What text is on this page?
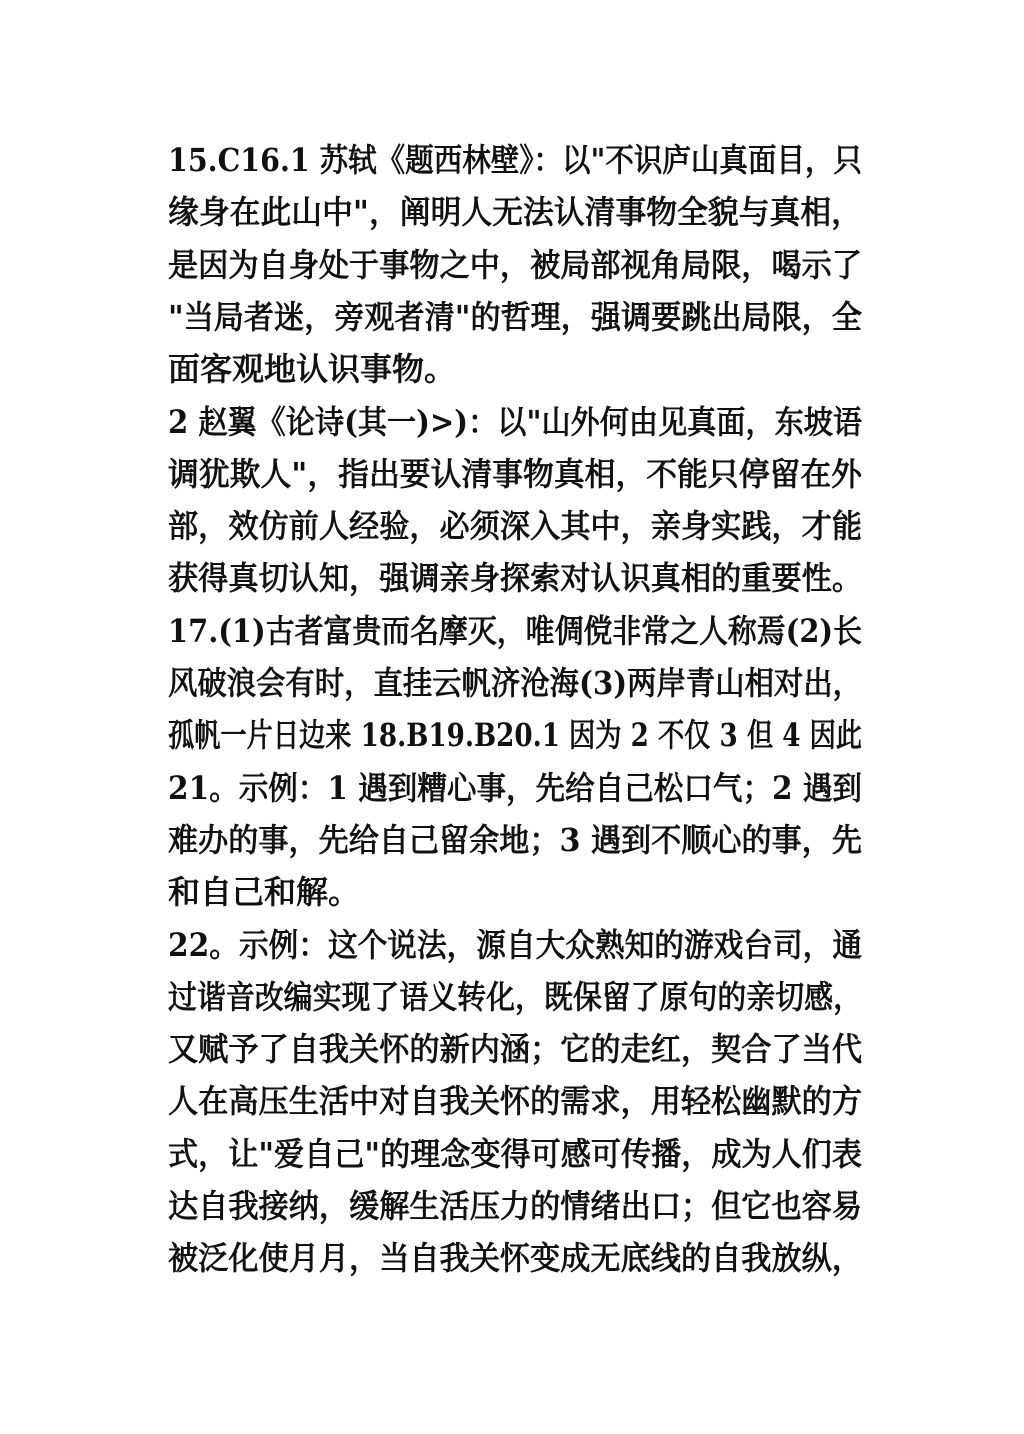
15.C16.1 苏轼《题西林壁》：以"不识庐山真面目，只
缘身在此山中"，阐明人无法认清事物全貌与真相，
是因为自身处于事物之中，被局部视角局限，喝示了
"当局者迷，旁观者清"的哲理，强调要跳出局限，全
面客观地认识事物。
2 赵翼《论诗(其一)>)：以"山外何由见真面，东坡语
调犹欺人"，指出要认清事物真相，不能只停留在外
部，效仿前人经验，必须深入其中，亲身实践，才能
获得真切认知，强调亲身探索对认识真相的重要性。
17.(1)古者富贵而名摩灭，唯倜傥非常之人称焉(2)长
风破浪会有时，直挂云帆济沧海(3)两岸青山相对出，
孤帆一片日边来 18.B19.B20.1 因为 2 不仅 3 但 4 因此
21。示例：1 遇到糟心事，先给自己松口气；2 遇到
难办的事，先给自己留余地；3 遇到不顺心的事，先
和自己和解。
22。示例：这个说法，源自大众熟知的游戏台司，通
过谐音改编实现了语义转化，既保留了原句的亲切感，
又赋予了自我关怀的新内涵；它的走红，契合了当代
人在高压生活中对自我关怀的需求，用轻松幽默的方
式，让"爱自己"的理念变得可感可传播，成为人们表
达自我接纳，缓解生活压力的情绪出口；但它也容易
被泛化使月月，当自我关怀变成无底线的自我放纵，
